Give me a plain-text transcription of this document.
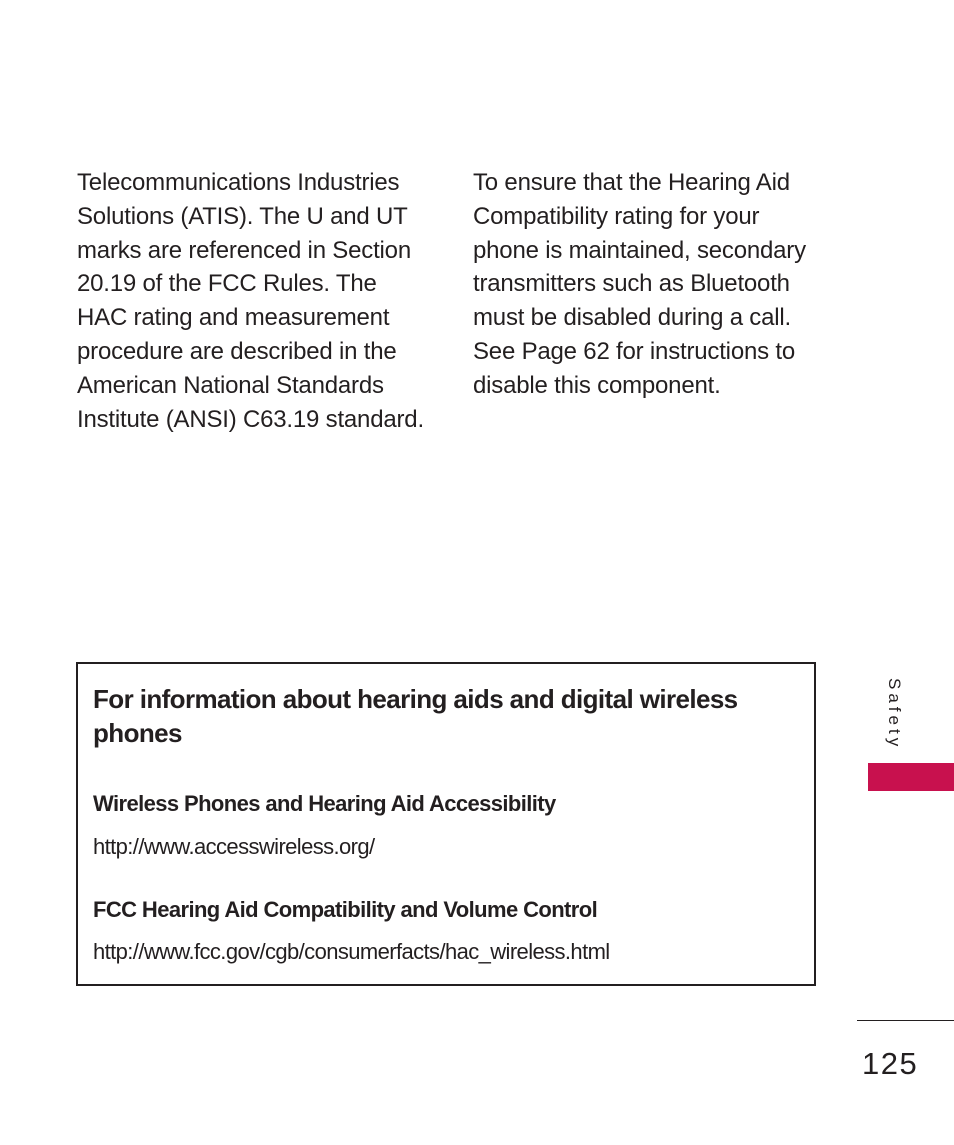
Telecommunications Industries Solutions (ATIS). The U and UT marks are referenced in Section 20.19 of the FCC Rules. The HAC rating and measurement procedure are described in the American National Standards Institute (ANSI) C63.19 standard.

To ensure that the Hearing Aid Compatibility rating for your phone is maintained, secondary transmitters such as Bluetooth must be disabled during a call. See Page 62 for instructions to disable this component.

For information about hearing aids and digital wireless phones
Wireless Phones and Hearing Aid Accessibility
http://www.accesswireless.org/
FCC Hearing Aid Compatibility and Volume Control
http://www.fcc.gov/cgb/consumerfacts/hac_wireless.html
Safety
125
